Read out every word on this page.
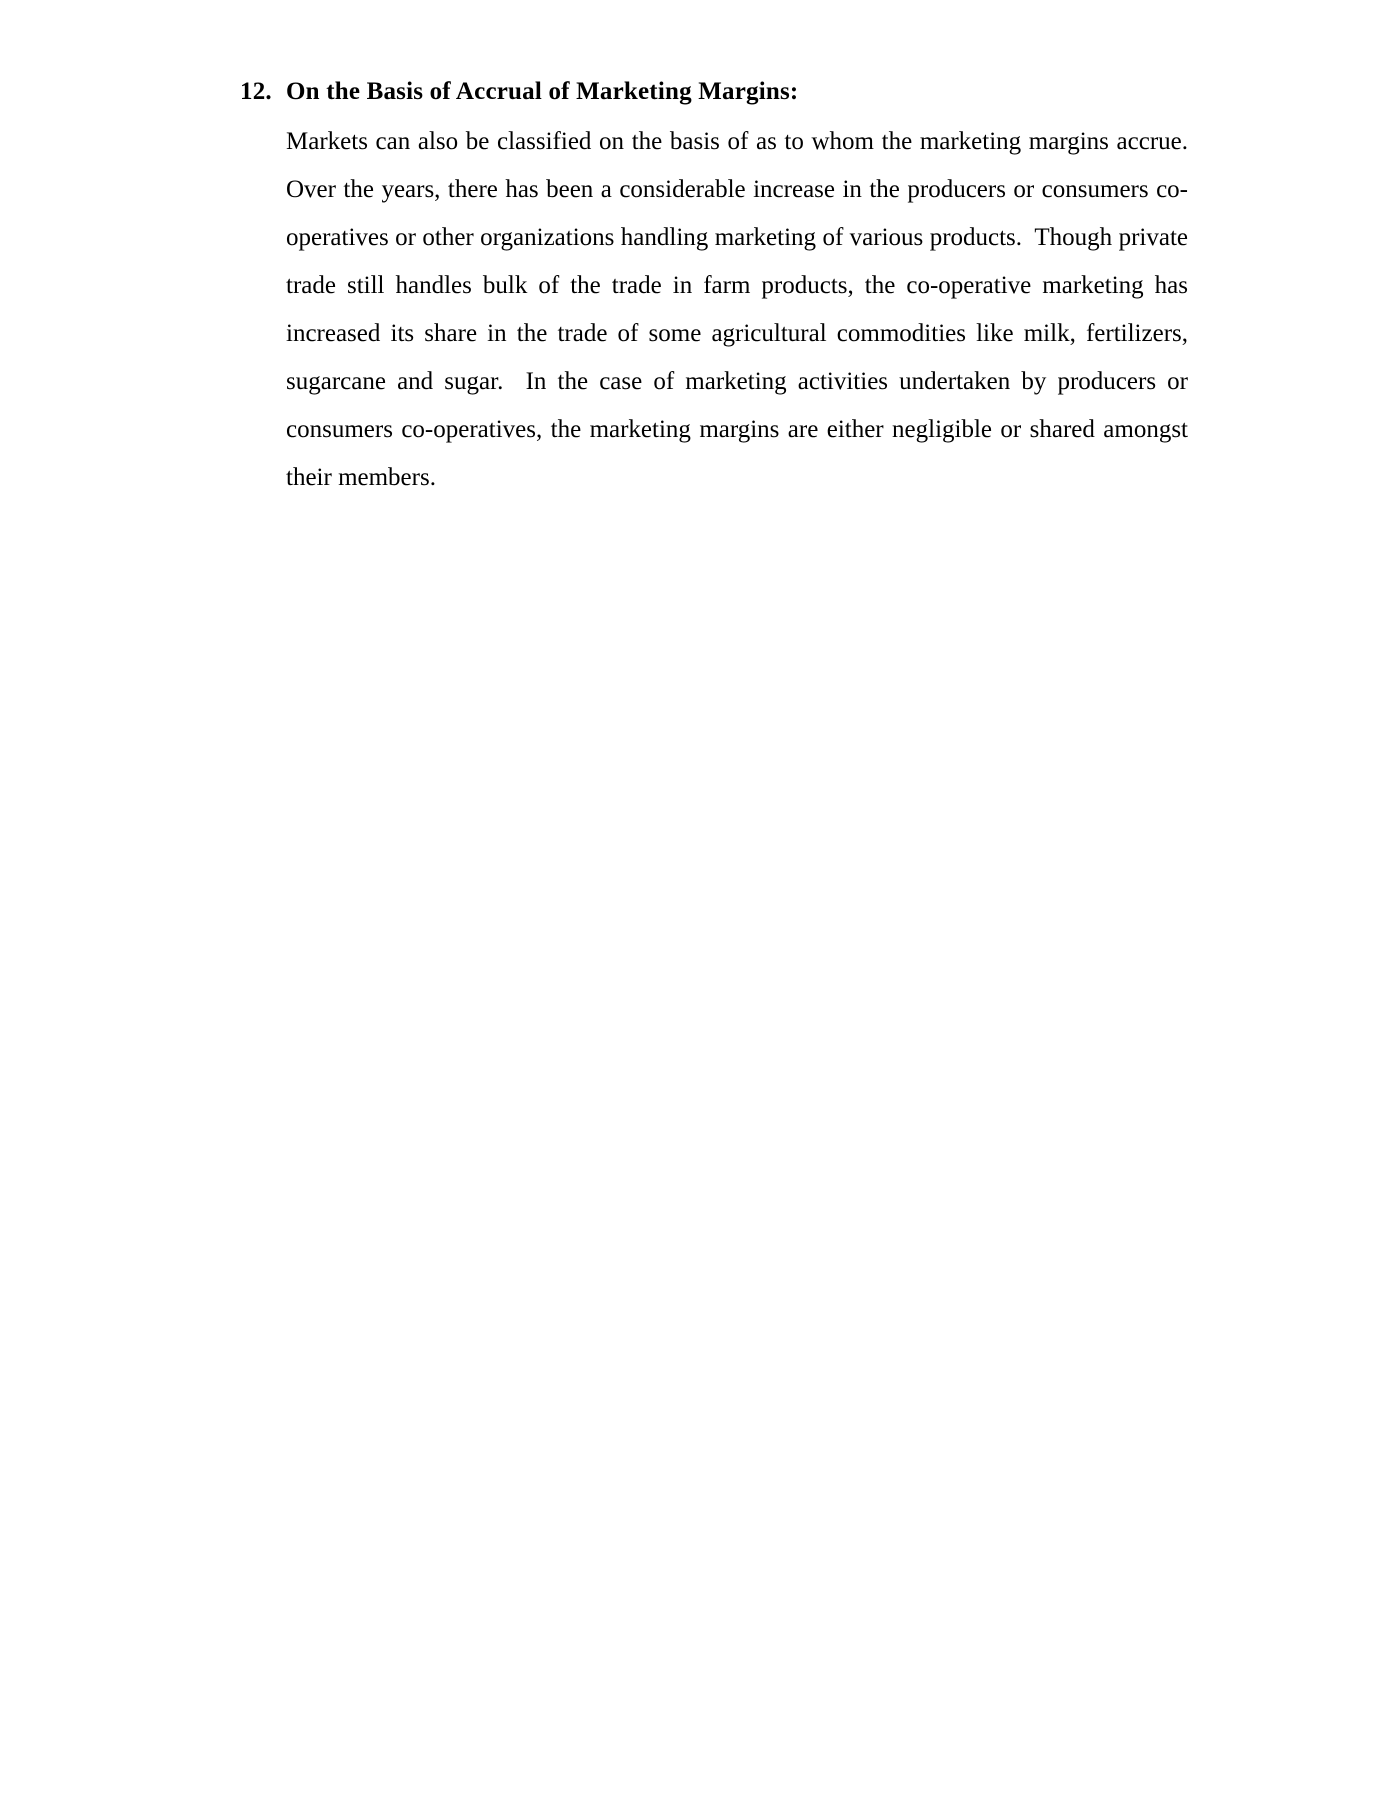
12. On the Basis of Accrual of Marketing Margins:
Markets can also be classified on the basis of as to whom the marketing margins accrue.  Over the years, there has been a considerable increase in the producers or consumers co-operatives or other organizations handling marketing of various products.  Though private trade still handles bulk of the trade in farm products, the co-operative marketing has increased its share in the trade of some agricultural commodities like milk, fertilizers, sugarcane and sugar.  In the case of marketing activities undertaken by producers or consumers co-operatives, the marketing margins are either negligible or shared amongst their members.
